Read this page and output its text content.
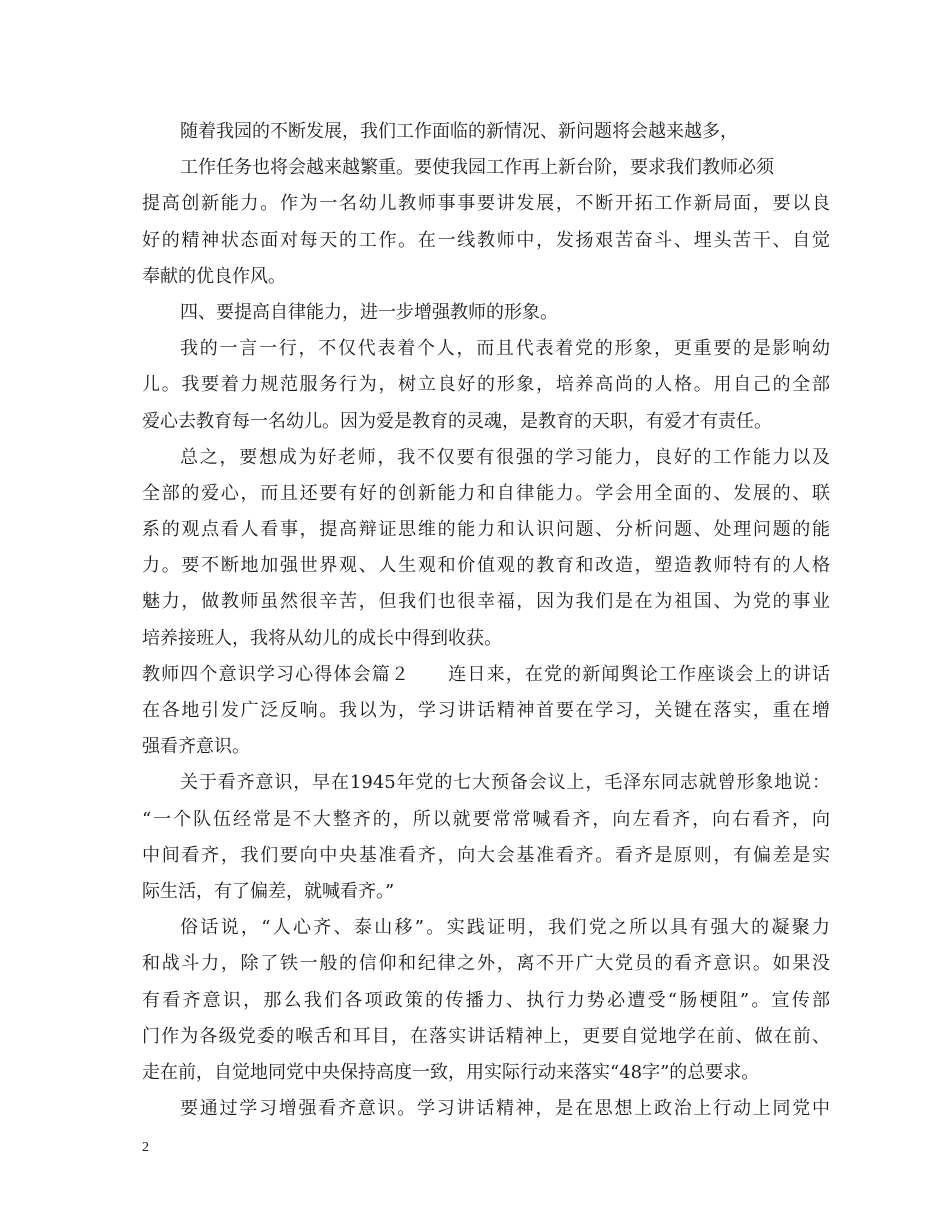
随着我园的不断发展，我们工作面临的新情况、新问题将会越来越多，
工作任务也将会越来越繁重。要使我园工作再上新台阶，要求我们教师必须
提高创新能力。作为一名幼儿教师事事要讲发展，不断开拓工作新局面，要以良
好的精神状态面对每天的工作。在一线教师中，发扬艰苦奋斗、埋头苦干、自觉
奉献的优良作风。
四、要提高自律能力，进一步增强教师的形象。
我的一言一行，不仅代表着个人，而且代表着党的形象，更重要的是影响幼
儿。我要着力规范服务行为，树立良好的形象，培养高尚的人格。用自己的全部
爱心去教育每一名幼儿。因为爱是教育的灵魂，是教育的天职，有爱才有责任。
总之，要想成为好老师，我不仅要有很强的学习能力，良好的工作能力以及
全部的爱心，而且还要有好的创新能力和自律能力。学会用全面的、发展的、联
系的观点看人看事，提高辩证思维的能力和认识问题、分析问题、处理问题的能
力。要不断地加强世界观、人生观和价值观的教育和改造，塑造教师特有的人格
魅力，做教师虽然很辛苦，但我们也很幸福，因为我们是在为祖国、为党的事业
培养接班人，我将从幼儿的成长中得到收获。
教师四个意识学习心得体会篇２　　连日来，在党的新闻舆论工作座谈会上的讲话
在各地引发广泛反响。我以为，学习讲话精神首要在学习，关键在落实，重在增
强看齐意识。
关于看齐意识，早在1945年党的七大预备会议上，毛泽东同志就曾形象地说：
“一个队伍经常是不大整齐的，所以就要常常喊看齐，向左看齐，向右看齐，向
中间看齐，我们要向中央基准看齐，向大会基准看齐。看齐是原则，有偏差是实
际生活，有了偏差，就喊看齐。”
俗话说，“人心齐、泰山移”。实践证明，我们党之所以具有强大的凝聚力
和战斗力，除了铁一般的信仰和纪律之外，离不开广大党员的看齐意识。如果没
有看齐意识，那么我们各项政策的传播力、执行力势必遭受“肠梗阻”。宣传部
门作为各级党委的喉舌和耳目，在落实讲话精神上，更要自觉地学在前、做在前、
走在前，自觉地同党中央保持高度一致，用实际行动来落实“48字”的总要求。
要通过学习增强看齐意识。学习讲话精神，是在思想上政治上行动上同党中
2
